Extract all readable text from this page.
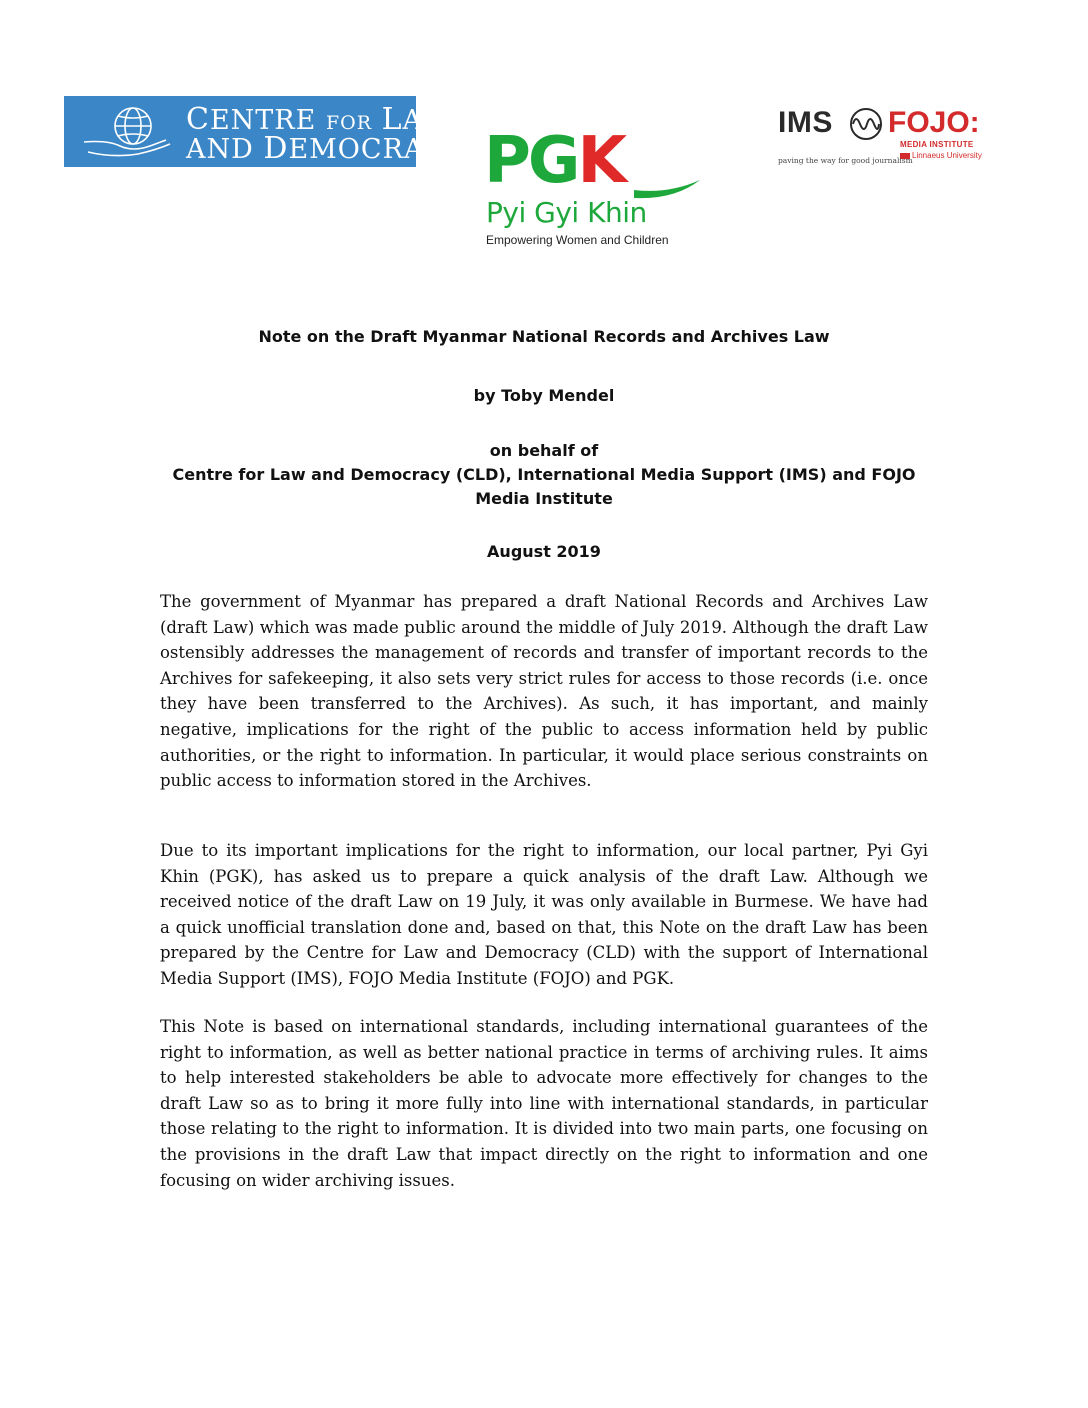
CENTRE FOR LAW
AND DEMOCRACY PGK
Pyi Gyi Khin
Empowering Women and Children
IMS FOJO:
MEDIA INSTITUTE
Linnaeus University
paving the way for good journalism
Note on the Draft Myanmar National Records and Archives Law
by Toby Mendel
on behalf of
Centre for Law and Democracy (CLD), International Media Support (IMS) and FOJO
Media Institute
August 2019

The government of Myanmar has prepared a draft National Records and Archives Law (draft Law) which was made public around the middle of July 2019. Although the draft Law ostensibly addresses the management of records and transfer of important records to the Archives for safekeeping, it also sets very strict rules for access to those records (i.e. once they have been transferred to the Archives). As such, it has important, and mainly negative, implications for the right of the public to access information held by public authorities, or the right to information. In particular, it would place serious constraints on public access to information stored in the Archives.

Due to its important implications for the right to information, our local partner, Pyi Gyi Khin (PGK), has asked us to prepare a quick analysis of the draft Law. Although we received notice of the draft Law on 19 July, it was only available in Burmese. We have had a quick unofficial translation done and, based on that, this Note on the draft Law has been prepared by the Centre for Law and Democracy (CLD) with the support of International Media Support (IMS), FOJO Media Institute (FOJO) and PGK.

This Note is based on international standards, including international guarantees of the right to information, as well as better national practice in terms of archiving rules. It aims to help interested stakeholders be able to advocate more effectively for changes to the draft Law so as to bring it more fully into line with international standards, in particular those relating to the right to information. It is divided into two main parts, one focusing on the provisions in the draft Law that impact directly on the right to information and one focusing on wider archiving issues.
